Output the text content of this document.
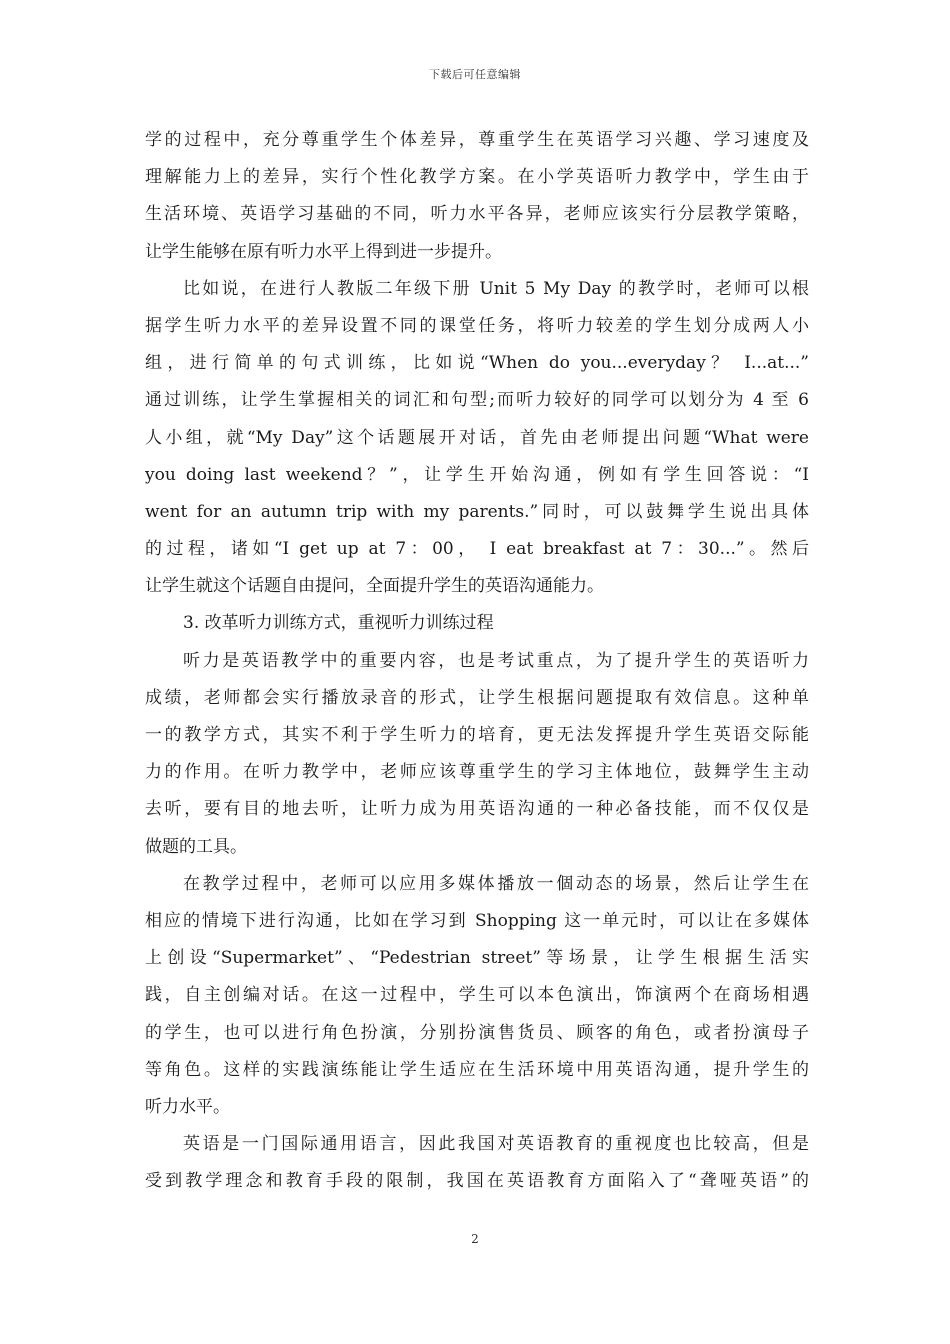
下载后可任意编辑
学的过程中，充分尊重学生个体差异，尊重学生在英语学习兴趣、学习速度及
理解能力上的差异，实行个性化教学方案。在小学英语听力教学中，学生由于
生活环境、英语学习基础的不同，听力水平各异，老师应该实行分层教学策略，
让学生能够在原有听力水平上得到进一步提升。
比如说，在进行人教版二年级下册 Unit 5 My Day 的教学时，老师可以根
据学生听力水平的差异设置不同的课堂任务，将听力较差的学生划分成两人小
组，进行简单的句式训练，比如说“When do you...everyday？ I...at...”
通过训练，让学生掌握相关的词汇和句型;而听力较好的同学可以划分为 4 至 6
人小组，就“My Day”这个话题展开对话，首先由老师提出问题“What were
you doing last weekend？”，让学生开始沟通，例如有学生回答说：“I
went for an autumn trip with my parents.”同时，可以鼓舞学生说出具体
的过程，诸如“I get up at 7：00， I eat breakfast at 7：30...”。然后
让学生就这个话题自由提问，全面提升学生的英语沟通能力。
3. 改革听力训练方式，重视听力训练过程
听力是英语教学中的重要内容，也是考试重点，为了提升学生的英语听力
成绩，老师都会实行播放录音的形式，让学生根据问题提取有效信息。这种单
一的教学方式，其实不利于学生听力的培育，更无法发挥提升学生英语交际能
力的作用。在听力教学中，老师应该尊重学生的学习主体地位，鼓舞学生主动
去听，要有目的地去听，让听力成为用英语沟通的一种必备技能，而不仅仅是
做题的工具。
在教学过程中，老师可以应用多媒体播放一個动态的场景，然后让学生在
相应的情境下进行沟通，比如在学习到 Shopping 这一单元时，可以让在多媒体
上创设“Supermarket”、“Pedestrian street”等场景，让学生根据生活实
践，自主创编对话。在这一过程中，学生可以本色演出，饰演两个在商场相遇
的学生，也可以进行角色扮演，分别扮演售货员、顾客的角色，或者扮演母子
等角色。这样的实践演练能让学生适应在生活环境中用英语沟通，提升学生的
听力水平。
英语是一门国际通用语言，因此我国对英语教育的重视度也比较高，但是
受到教学理念和教育手段的限制，我国在英语教育方面陷入了“聋哑英语”的
2
